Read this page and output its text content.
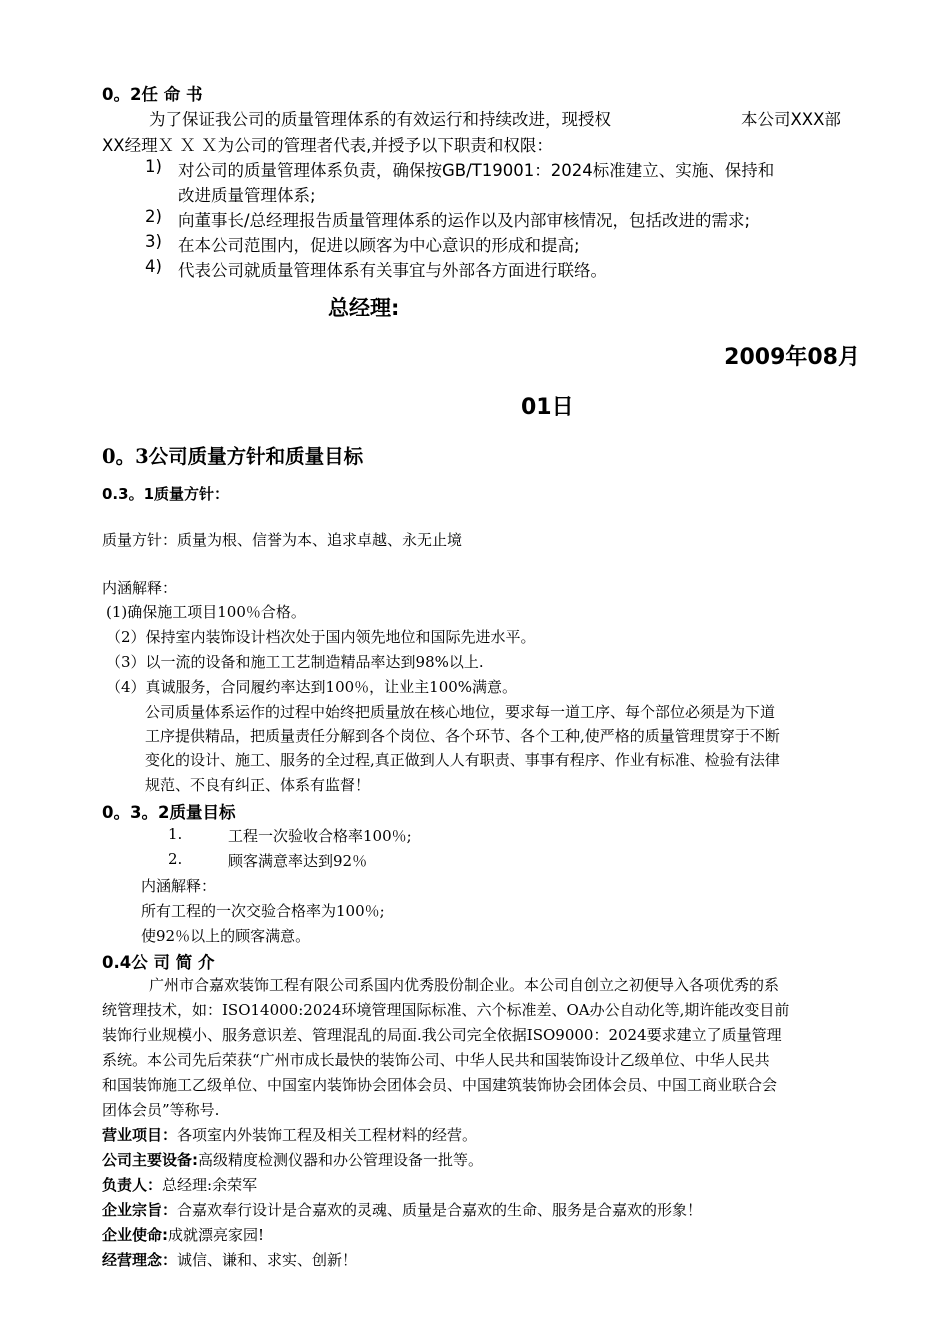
0。2任 命 书
为了保证我公司的质量管理体系的有效运行和持续改进，现授权	本公司XXX部
XX经理Ｘ Ｘ Ｘ为公司的管理者代表,并授予以下职责和权限：
1) 对公司的质量管理体系负责，确保按GB/T19001：2024标准建立、实施、保持和
改进质量管理体系;
2) 向董事长/总经理报告质量管理体系的运作以及内部审核情况，包括改进的需求;
3) 在本公司范围内，促进以顾客为中心意识的形成和提高;
4) 代表公司就质量管理体系有关事宜与外部各方面进行联络。
总经理:
2009年08月
01日
0。3公司质量方针和质量目标
0.3。1质量方针：
质量方针：质量为根、信誉为本、追求卓越、永无止境
内涵解释：
(1)确保施工项目100％合格。
（2）保持室内装饰设计档次处于国内领先地位和国际先进水平。
（3）以一流的设备和施工工艺制造精品率达到98%以上.
（4）真诚服务，合同履约率达到100％，让业主100%满意。
公司质量体系运作的过程中始终把质量放在核心地位，要求每一道工序、每个部位必须是为下道
工序提供精品，把质量责任分解到各个岗位、各个环节、各个工种,使严格的质量管理贯穿于不断
变化的设计、施工、服务的全过程,真正做到人人有职责、事事有程序、作业有标准、检验有法律
规范、不良有纠正、体系有监督！
0。3。2质量目标
1.	工程一次验收合格率100％;
2.	顾客满意率达到92％
内涵解释：
所有工程的一次交验合格率为100％;
使92％以上的顾客满意。
0.4公 司 简 介
广州市合嘉欢装饰工程有限公司系国内优秀股份制企业。本公司自创立之初便导入各项优秀的系
统管理技术，如：ISO14000:2024环境管理国际标准、六个标准差、OA办公自动化等,期许能改变目前
装饰行业规模小、服务意识差、管理混乱的局面.我公司完全依据ISO9000：2024要求建立了质量管理
系统。本公司先后荣获“广州市成长最快的装饰公司、中华人民共和国装饰设计乙级单位、中华人民共
和国装饰施工乙级单位、中国室内装饰协会团体会员、中国建筑装饰协会团体会员、中国工商业联合会
团体会员”等称号.
营业项目：各项室内外装饰工程及相关工程材料的经营。
公司主要设备:高级精度检测仪器和办公管理设备一批等。
负责人：总经理:余荣军
企业宗旨：合嘉欢奉行设计是合嘉欢的灵魂、质量是合嘉欢的生命、服务是合嘉欢的形象！
企业使命:成就漂亮家园!
经营理念：诚信、谦和、求实、创新！
